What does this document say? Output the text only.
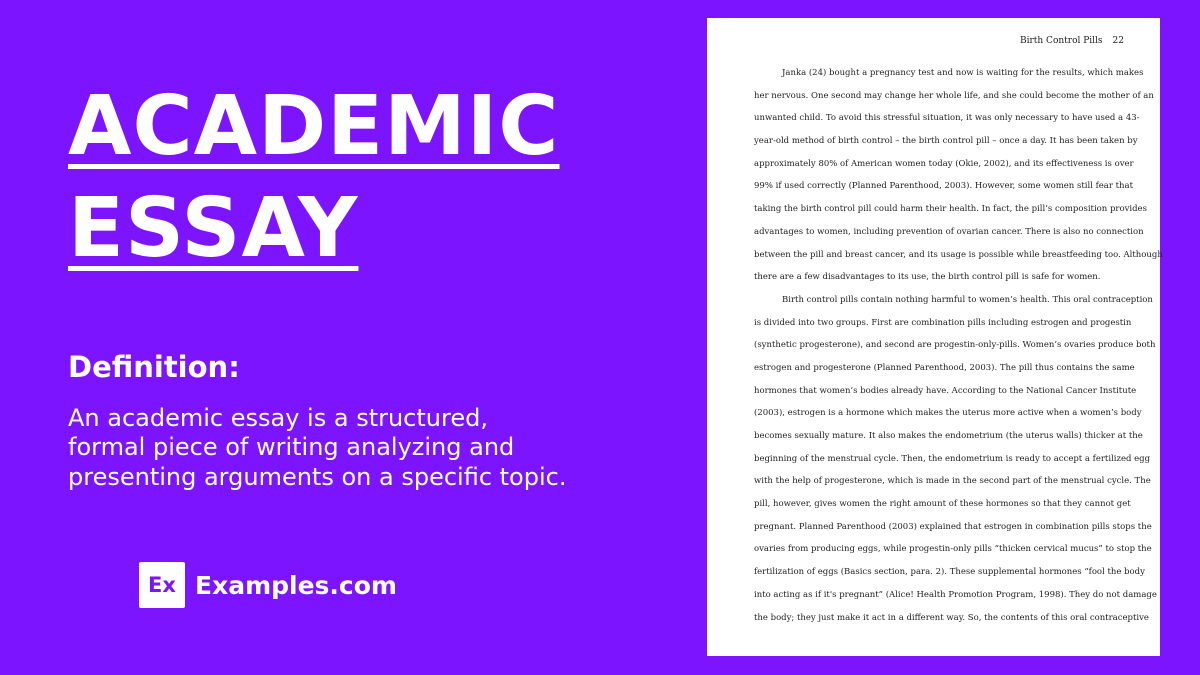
ACADEMIC
ESSAY
Definition:

An academic essay is a structured, formal piece of writing analyzing and presenting arguments on a specific topic.

Ex Examples.com
Birth Control Pills 22
Janka (24) bought a pregnancy test and now is waiting for the results, which makes
her nervous. One second may change her whole life, and she could become the mother of an
unwanted child. To avoid this stressful situation, it was only necessary to have used a 43-
year-old method of birth control – the birth control pill – once a day. It has been taken by
approximately 80% of American women today (Okie, 2002), and its effectiveness is over
99% if used correctly (Planned Parenthood, 2003). However, some women still fear that
taking the birth control pill could harm their health. In fact, the pill’s composition provides
advantages to women, including prevention of ovarian cancer. There is also no connection
between the pill and breast cancer, and its usage is possible while breastfeeding too. Although
there are a few disadvantages to its use, the birth control pill is safe for women.
Birth control pills contain nothing harmful to women’s health. This oral contraception
is divided into two groups. First are combination pills including estrogen and progestin
(synthetic progesterone), and second are progestin-only-pills. Women’s ovaries produce both
estrogen and progesterone (Planned Parenthood, 2003). The pill thus contains the same
hormones that women’s bodies already have. According to the National Cancer Institute
(2003), estrogen is a hormone which makes the uterus more active when a women’s body
becomes sexually mature. It also makes the endometrium (the uterus walls) thicker at the
beginning of the menstrual cycle. Then, the endometrium is ready to accept a fertilized egg
with the help of progesterone, which is made in the second part of the menstrual cycle. The
pill, however, gives women the right amount of these hormones so that they cannot get
pregnant. Planned Parenthood (2003) explained that estrogen in combination pills stops the
ovaries from producing eggs, while progestin-only pills “thicken cervical mucus” to stop the
fertilization of eggs (Basics section, para. 2). These supplemental hormones “fool the body
into acting as if it's pregnant” (Alice! Health Promotion Program, 1998). They do not damage
the body; they just make it act in a different way. So, the contents of this oral contraceptive
